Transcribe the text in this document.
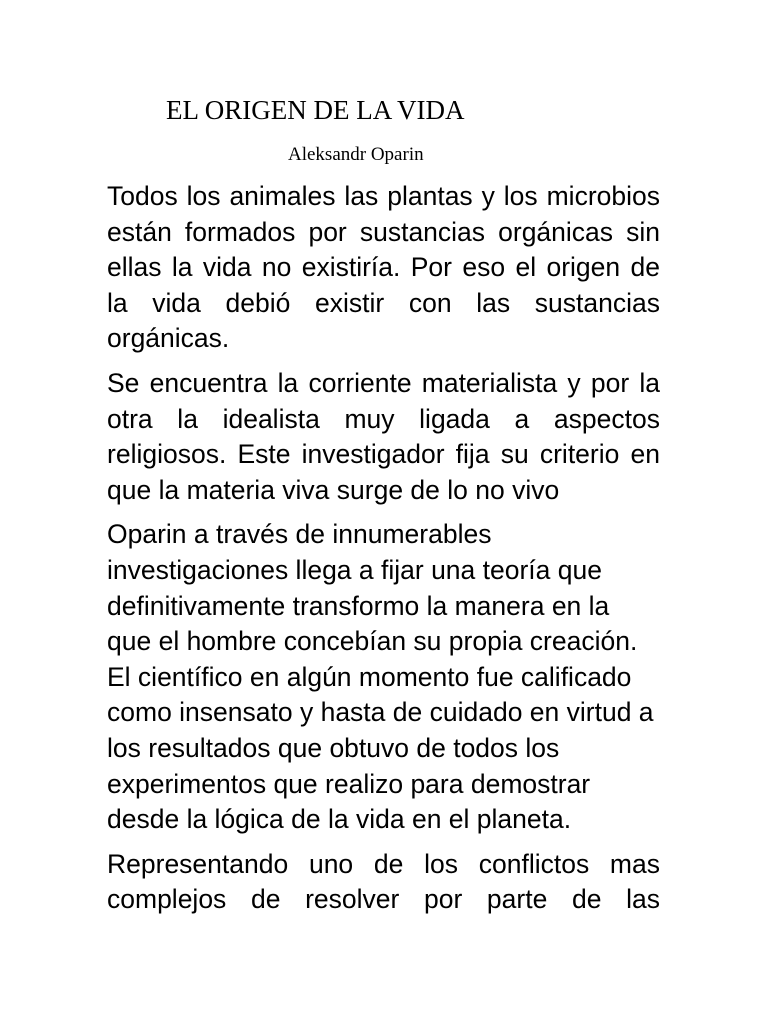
EL ORIGEN DE LA VIDA
Aleksandr Oparin

Todos los animales las plantas y los microbios están formados por sustancias orgánicas sin ellas la vida no existiría. Por eso el origen de la vida debió existir con las sustancias orgánicas.

Se encuentra la corriente materialista y por la otra la idealista muy ligada a aspectos religiosos. Este investigador fija su criterio en que la materia viva surge de lo no vivo

Oparin a través de innumerables investigaciones llega a fijar una teoría que definitivamente transformo la manera en la que el hombre concebían su propia creación. El científico en algún momento fue calificado como insensato y hasta de cuidado en virtud a los resultados que obtuvo de todos los experimentos que realizo para demostrar desde la lógica de la vida en el planeta.

Representando uno de los conflictos mas complejos de resolver por parte de las
